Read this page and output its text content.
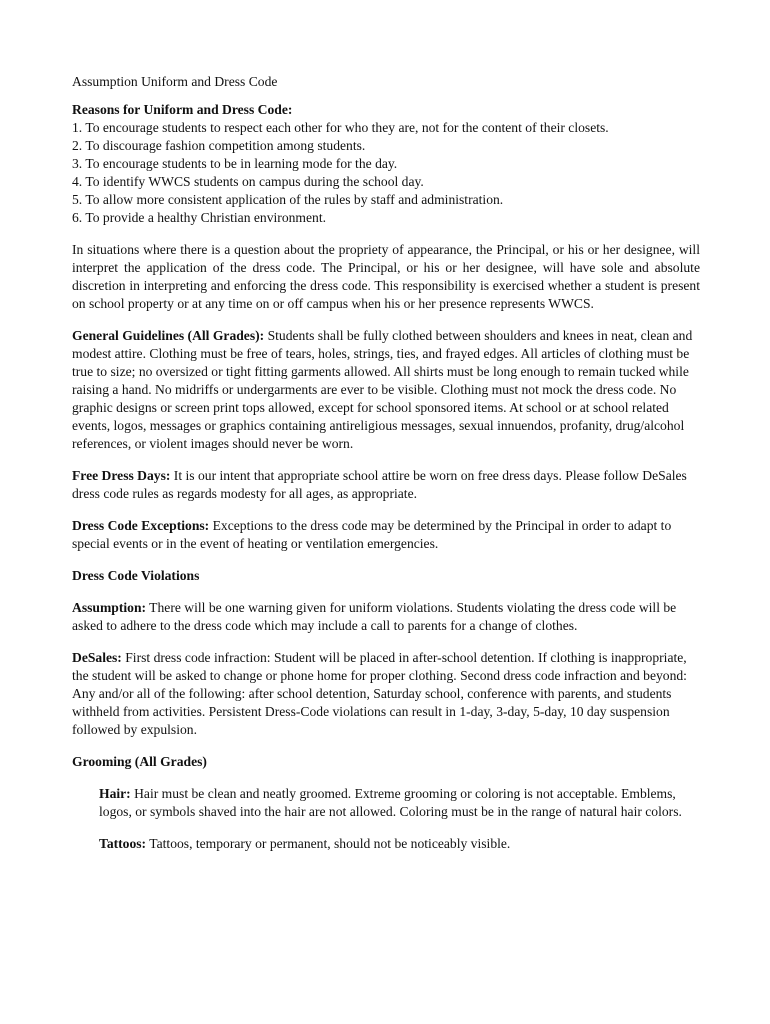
Assumption Uniform and Dress Code

Reasons for Uniform and Dress Code:
1. To encourage students to respect each other for who they are, not for the content of their closets.
2. To discourage fashion competition among students.
3. To encourage students to be in learning mode for the day.
4. To identify WWCS students on campus during the school day.
5. To allow more consistent application of the rules by staff and administration.
6. To provide a healthy Christian environment.

In situations where there is a question about the propriety of appearance, the Principal, or his or her designee, will interpret the application of the dress code. The Principal, or his or her designee, will have sole and absolute discretion in interpreting and enforcing the dress code. This responsibility is exercised whether a student is present on school property or at any time on or off campus when his or her presence represents WWCS.

General Guidelines (All Grades): Students shall be fully clothed between shoulders and knees in neat, clean and modest attire. Clothing must be free of tears, holes, strings, ties, and frayed edges. All articles of clothing must be true to size; no oversized or tight fitting garments allowed. All shirts must be long enough to remain tucked while raising a hand. No midriffs or undergarments are ever to be visible. Clothing must not mock the dress code. No graphic designs or screen print tops allowed, except for school sponsored items. At school or at school related events, logos, messages or graphics containing antireligious messages, sexual innuendos, profanity, drug/alcohol references, or violent images should never be worn.

Free Dress Days: It is our intent that appropriate school attire be worn on free dress days. Please follow DeSales dress code rules as regards modesty for all ages, as appropriate.

Dress Code Exceptions: Exceptions to the dress code may be determined by the Principal in order to adapt to special events or in the event of heating or ventilation emergencies.

Dress Code Violations

Assumption: There will be one warning given for uniform violations. Students violating the dress code will be asked to adhere to the dress code which may include a call to parents for a change of clothes.

DeSales: First dress code infraction: Student will be placed in after-school detention. If clothing is inappropriate, the student will be asked to change or phone home for proper clothing. Second dress code infraction and beyond: Any and/or all of the following: after school detention, Saturday school, conference with parents, and students withheld from activities. Persistent Dress-Code violations can result in 1-day, 3-day, 5-day, 10 day suspension followed by expulsion.

Grooming (All Grades)

Hair: Hair must be clean and neatly groomed. Extreme grooming or coloring is not acceptable. Emblems, logos, or symbols shaved into the hair are not allowed. Coloring must be in the range of natural hair colors.

Tattoos: Tattoos, temporary or permanent, should not be noticeably visible.
